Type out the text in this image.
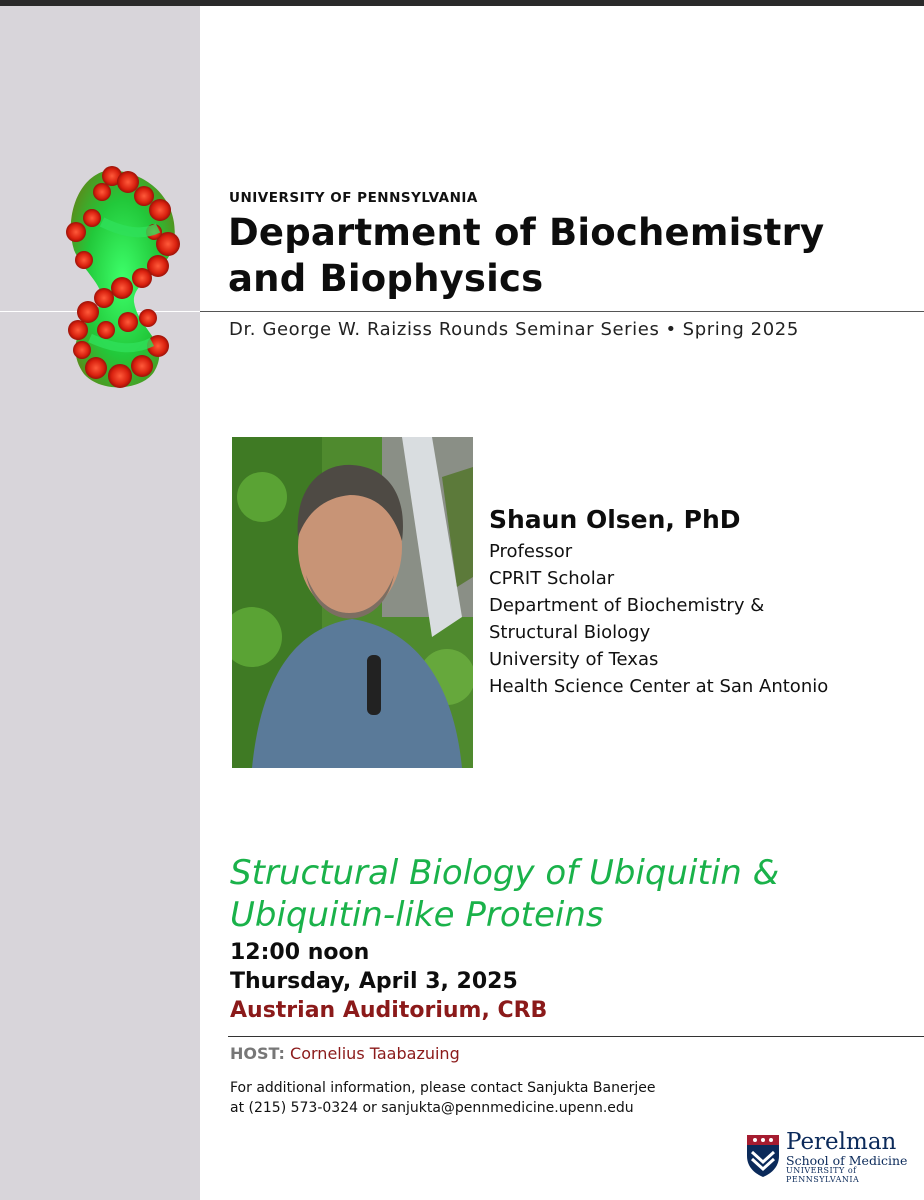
UNIVERSITY OF PENNSYLVANIA
Department of Biochemistry
and Biophysics
Dr. George W. Raiziss Rounds Seminar Series • Spring 2025
Shaun Olsen, PhD
Professor
CPRIT Scholar
Department of Biochemistry &
Structural Biology
University of Texas
Health Science Center at San Antonio
Structural Biology of Ubiquitin &
Ubiquitin-like Proteins
12:00 noon
Thursday, April 3, 2025
Austrian Auditorium, CRB
HOST: Cornelius Taabazuing
For additional information, please contact Sanjukta Banerjee
at (215) 573-0324 or sanjukta@pennmedicine.upenn.edu
Perelman
School of Medicine
UNIVERSITY of PENNSYLVANIA
